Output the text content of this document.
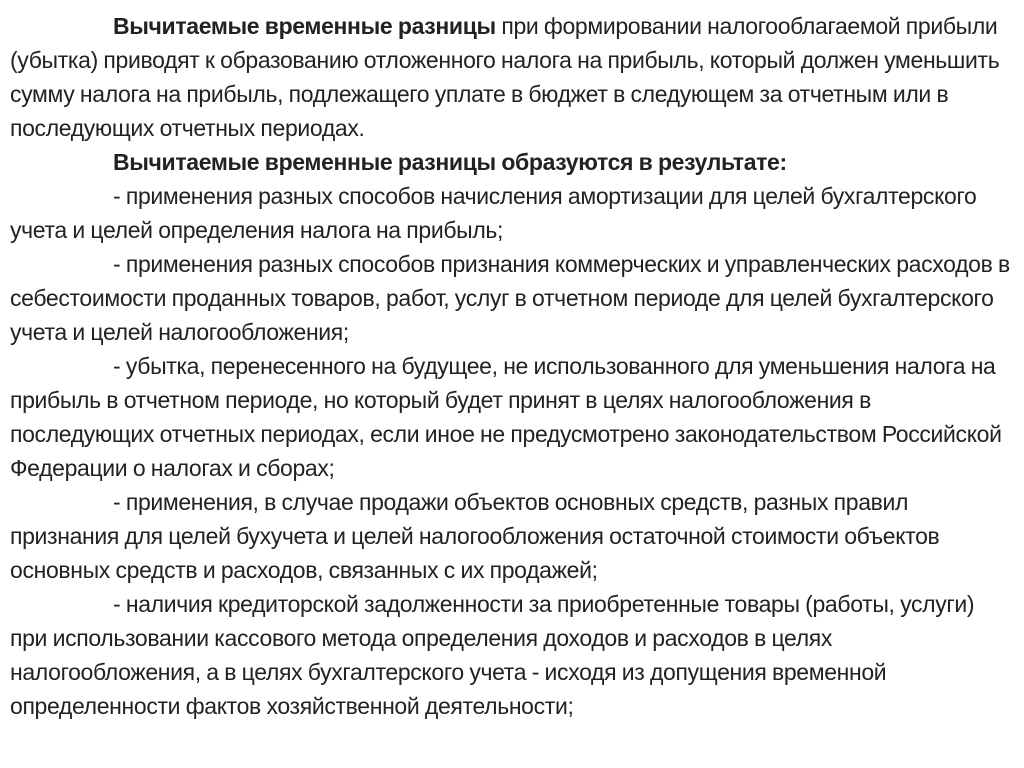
Вычитаемые временные разницы при формировании налогооблагаемой прибыли (убытка) приводят к образованию отложенного налога на прибыль, который должен уменьшить сумму налога на прибыль, подлежащего уплате в бюджет в следующем за отчетным или в последующих отчетных периодах.

Вычитаемые временные разницы образуются в результате:

- применения разных способов начисления амортизации для целей бухгалтерского учета и целей определения налога на прибыль;

- применения разных способов признания коммерческих и управленческих расходов в себестоимости проданных товаров, работ, услуг в отчетном периоде для целей бухгалтерского учета и целей налогообложения;

- убытка, перенесенного на будущее, не использованного для уменьшения налога на прибыль в отчетном периоде, но который будет принят в целях налогообложения в последующих отчетных периодах, если иное не предусмотрено законодательством Российской Федерации о налогах и сборах;

- применения, в случае продажи объектов основных средств, разных правил признания для целей бухучета и целей налогообложения остаточной стоимости объектов основных средств и расходов, связанных с их продажей;

- наличия кредиторской задолженности за приобретенные товары (работы, услуги) при использовании кассового метода определения доходов и расходов в целях налогообложения, а в целях бухгалтерского учета - исходя из допущения временной определенности фактов хозяйственной деятельности;
